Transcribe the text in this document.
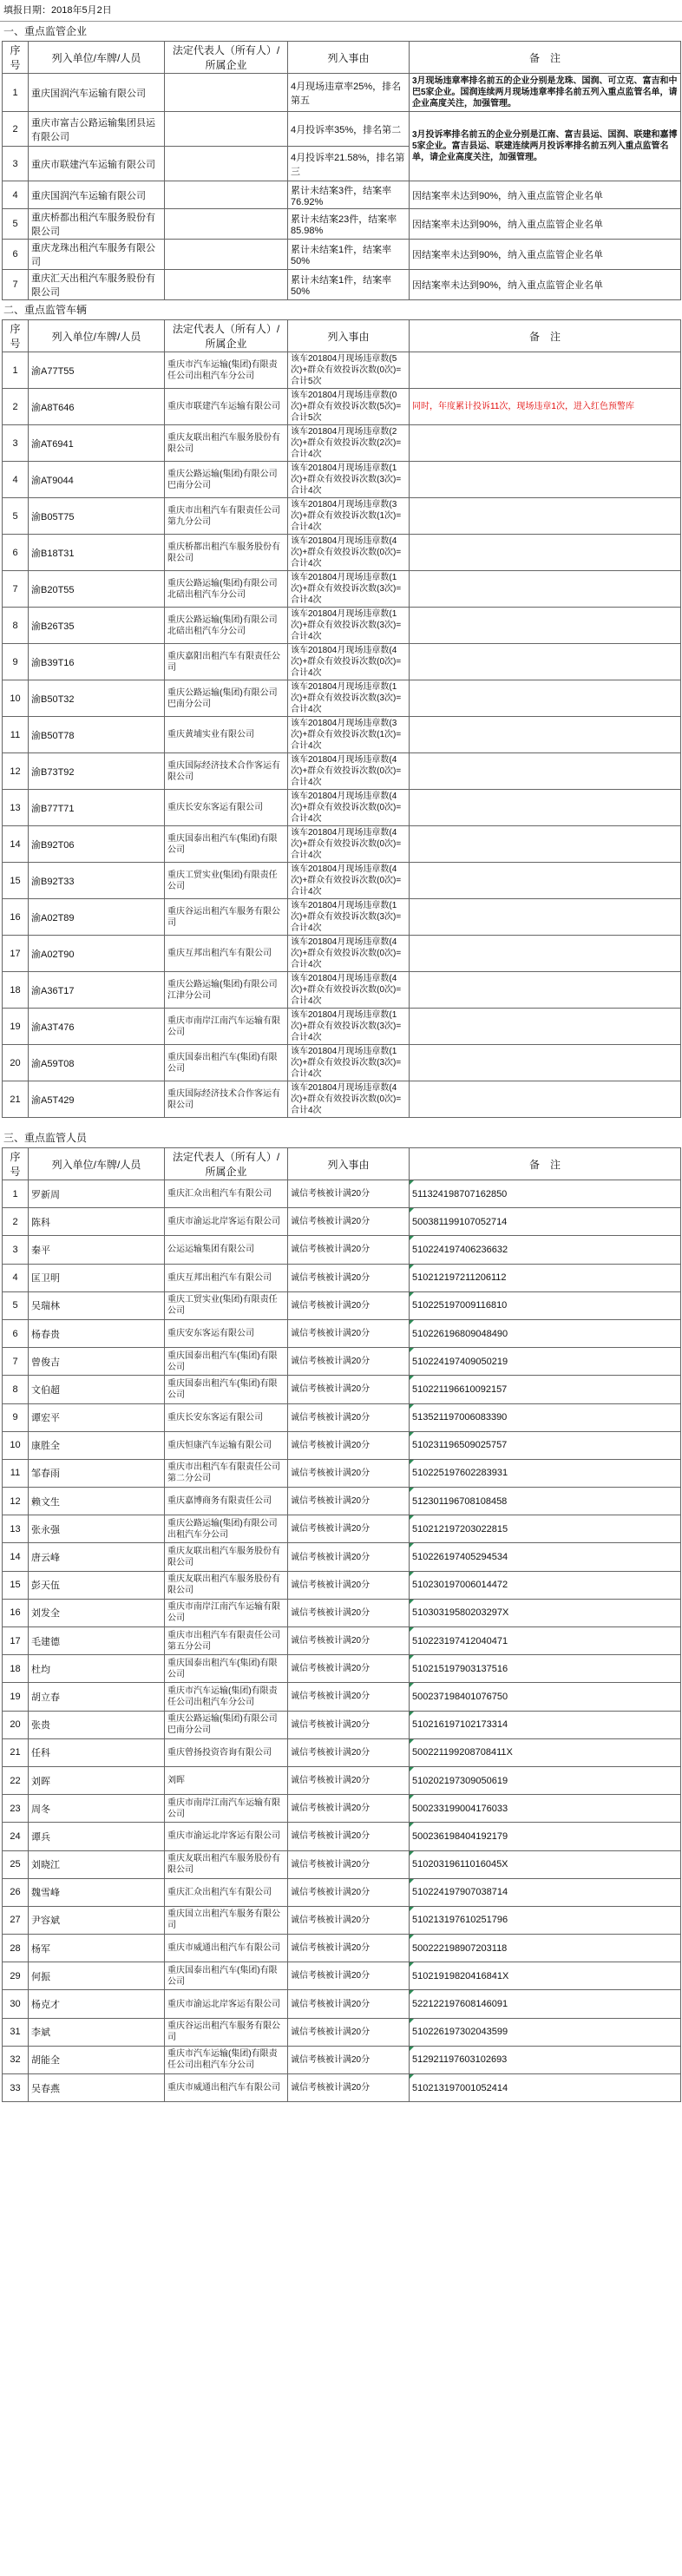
填报日期：2018年5月2日
一、重点监管企业
序号	列入单位/车牌/人员	法定代表人（所有人）/所属企业	列入事由	备　注
1	重庆国润汽车运输有限公司		4月现场违章率25%，排名第五	3月现场违章率排名前五的企业分别是龙珠、国润、可立克、富吉和中巴5家企业。国润连续两月现场违章率排名前五列入重点监管名单，请企业高度关注，加强管理。
2	重庆市富吉公路运输集团县运有限公司		4月投诉率35%，排名第二	3月投诉率排名前五的企业分别是江南、富吉县运、国润、联建和嘉博5家企业。富吉县运、联建连续两月投诉率排名前五列入重点监管名单，请企业高度关注，加强管理。
3	重庆市联建汽车运输有限公司		4月投诉率21.58%，排名第三	
4	重庆国润汽车运输有限公司		累计未结案3件，结案率76.92%	因结案率未达到90%，纳入重点监管企业名单
5	重庆桥都出租汽车服务股份有限公司		累计未结案23件，结案率85.98%	因结案率未达到90%，纳入重点监管企业名单
6	重庆龙珠出租汽车服务有限公司		累计未结案1件，结案率50%	因结案率未达到90%，纳入重点监管企业名单
7	重庆汇天出租汽车服务股份有限公司		累计未结案1件，结案率50%	因结案率未达到90%，纳入重点监管企业名单
二、重点监管车辆
序号	列入单位/车牌/人员	法定代表人（所有人）/所属企业	列入事由	备　注
1	渝A77T55	重庆市汽车运输(集团)有限责任公司出租汽车分公司	该车201804月现场违章数(5次)+群众有效投诉次数(0次)=合计5次	
2	渝A8T646	重庆市联建汽车运输有限公司	该车201804月现场违章数(0次)+群众有效投诉次数(5次)=合计5次	同时，年度累计投诉11次，现场违章1次，进入红色预警库
3	渝AT6941	重庆友联出租汽车服务股份有限公司	该车201804月现场违章数(2次)+群众有效投诉次数(2次)=合计4次	
4	渝AT9044	重庆公路运输(集团)有限公司巴南分公司	该车201804月现场违章数(1次)+群众有效投诉次数(3次)=合计4次	
5	渝B05T75	重庆市出租汽车有限责任公司第九分公司	该车201804月现场违章数(3次)+群众有效投诉次数(1次)=合计4次	
6	渝B18T31	重庆桥都出租汽车服务股份有限公司	该车201804月现场违章数(4次)+群众有效投诉次数(0次)=合计4次	
7	渝B20T55	重庆公路运输(集团)有限公司北碚出租汽车分公司	该车201804月现场违章数(1次)+群众有效投诉次数(3次)=合计4次	
8	渝B26T35	重庆公路运输(集团)有限公司北碚出租汽车分公司	该车201804月现场违章数(1次)+群众有效投诉次数(3次)=合计4次	
9	渝B39T16	重庆嘉阳出租汽车有限责任公司	该车201804月现场违章数(4次)+群众有效投诉次数(0次)=合计4次	
10	渝B50T32	重庆公路运输(集团)有限公司巴南分公司	该车201804月现场违章数(1次)+群众有效投诉次数(3次)=合计4次	
11	渝B50T78	重庆黄埔实业有限公司	该车201804月现场违章数(3次)+群众有效投诉次数(1次)=合计4次	
12	渝B73T92	重庆国际经济技术合作客运有限公司	该车201804月现场违章数(4次)+群众有效投诉次数(0次)=合计4次	
13	渝B77T71	重庆长安东客运有限公司	该车201804月现场违章数(4次)+群众有效投诉次数(0次)=合计4次	
14	渝B92T06	重庆国泰出租汽车(集团)有限公司	该车201804月现场违章数(4次)+群众有效投诉次数(0次)=合计4次	
15	渝B92T33	重庆工贸实业(集团)有限责任公司	该车201804月现场违章数(4次)+群众有效投诉次数(0次)=合计4次	
16	渝A02T89	重庆谷运出租汽车服务有限公司	该车201804月现场违章数(1次)+群众有效投诉次数(3次)=合计4次	
17	渝A02T90	重庆互邦出租汽车有限公司	该车201804月现场违章数(4次)+群众有效投诉次数(0次)=合计4次	
18	渝A36T17	重庆公路运输(集团)有限公司江津分公司	该车201804月现场违章数(4次)+群众有效投诉次数(0次)=合计4次	
19	渝A3T476	重庆市南岸江南汽车运输有限公司	该车201804月现场违章数(1次)+群众有效投诉次数(3次)=合计4次	
20	渝A59T08	重庆国泰出租汽车(集团)有限公司	该车201804月现场违章数(1次)+群众有效投诉次数(3次)=合计4次	
21	渝A5T429	重庆国际经济技术合作客运有限公司	该车201804月现场违章数(4次)+群众有效投诉次数(0次)=合计4次	
三、重点监管人员
序号	列入单位/车牌/人员	法定代表人（所有人）/所属企业	列入事由	备　注
1	罗新周	重庆汇众出租汽车有限公司	诚信考核被计满20分	511324198707162850
2	陈科	重庆市渝运北岸客运有限公司	诚信考核被计满20分	500381199107052714
3	秦平	公运运输集团有限公司	诚信考核被计满20分	510224197406236632
4	匡卫明	重庆互邦出租汽车有限公司	诚信考核被计满20分	510212197211206112
5	吴瑞林	重庆工贸实业(集团)有限责任公司	诚信考核被计满20分	510225197009116810
6	杨春贵	重庆安东客运有限公司	诚信考核被计满20分	510226196809048490
7	曾俊吉	重庆国泰出租汽车(集团)有限公司	诚信考核被计满20分	510224197409050219
8	文伯超	重庆国泰出租汽车(集团)有限公司	诚信考核被计满20分	510221196610092157
9	谭宏平	重庆长安东客运有限公司	诚信考核被计满20分	513521197006083390
10	康胜全	重庆恒康汽车运输有限公司	诚信考核被计满20分	510231196509025757
11	邹春雨	重庆市出租汽车有限责任公司第二分公司	诚信考核被计满20分	510225197602283931
12	赖文生	重庆嘉博商务有限责任公司	诚信考核被计满20分	512301196708108458
13	张永强	重庆公路运输(集团)有限公司出租汽车分公司	诚信考核被计满20分	510212197203022815
14	唐云峰	重庆友联出租汽车服务股份有限公司	诚信考核被计满20分	510226197405294534
15	彭天伍	重庆友联出租汽车服务股份有限公司	诚信考核被计满20分	510230197006014472
16	刘发全	重庆市南岸江南汽车运输有限公司	诚信考核被计满20分	51030319580203297X
17	毛建德	重庆市出租汽车有限责任公司第五分公司	诚信考核被计满20分	510223197412040471
18	杜均	重庆国泰出租汽车(集团)有限公司	诚信考核被计满20分	510215197903137516
19	胡立春	重庆市汽车运输(集团)有限责任公司出租汽车分公司	诚信考核被计满20分	500237198401076750
20	张贵	重庆公路运输(集团)有限公司巴南分公司	诚信考核被计满20分	510216197102173314
21	任科	重庆曾扬投资咨询有限公司	诚信考核被计满20分	500221199208708411X
22	刘晖	刘晖	诚信考核被计满20分	510202197309050619
23	周冬	重庆市南岸江南汽车运输有限公司	诚信考核被计满20分	500233199004176033
24	谭兵	重庆市渝运北岸客运有限公司	诚信考核被计满20分	500236198404192179
25	刘晓江	重庆友联出租汽车服务股份有限公司	诚信考核被计满20分	51020319611016045X
26	魏雪峰	重庆汇众出租汽车有限公司	诚信考核被计满20分	510224197907038714
27	尹容斌	重庆国立出租汽车服务有限公司	诚信考核被计满20分	510213197610251796
28	杨军	重庆市威通出租汽车有限公司	诚信考核被计满20分	500222198907203118
29	何振	重庆国泰出租汽车(集团)有限公司	诚信考核被计满20分	51021919820416841X
30	杨克才	重庆市渝运北岸客运有限公司	诚信考核被计满20分	522122197608146091
31	李斌	重庆谷运出租汽车服务有限公司	诚信考核被计满20分	510226197302043599
32	胡能全	重庆市汽车运输(集团)有限责任公司出租汽车分公司	诚信考核被计满20分	512921197603102693
33	吴春燕	重庆市威通出租汽车有限公司	诚信考核被计满20分	510213197001052414
